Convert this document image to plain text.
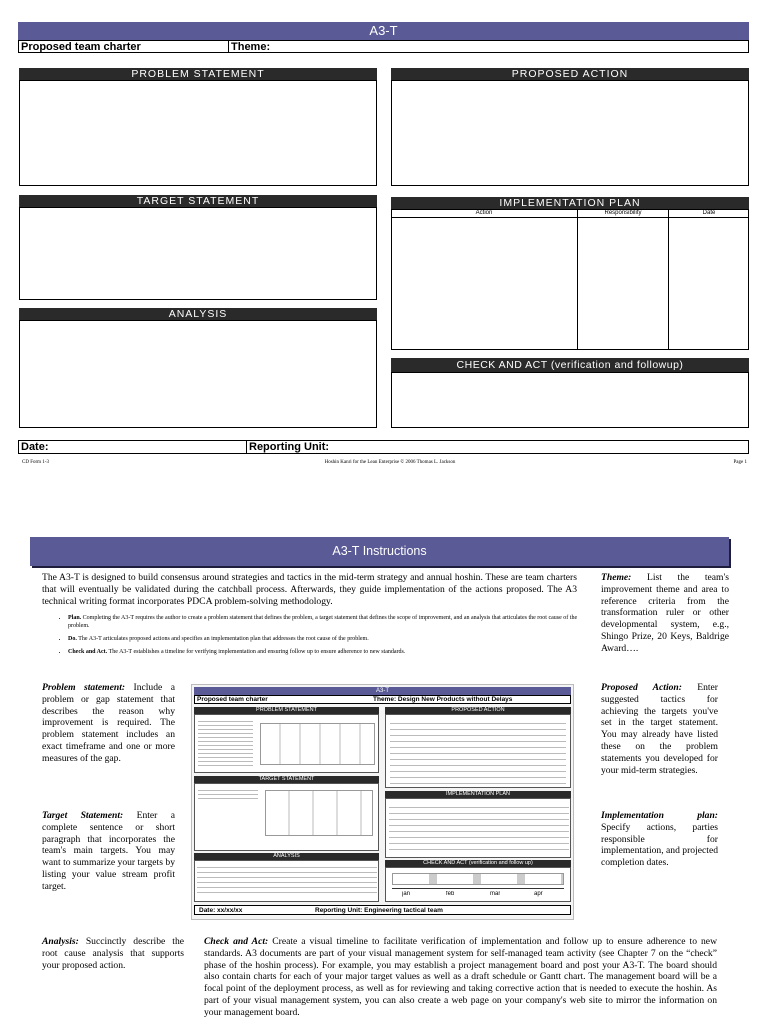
A3-T
Proposed team charter	Theme:
PROBLEM STATEMENT	PROPOSED ACTION
TARGET STATEMENT	IMPLEMENTATION PLAN
Action	Responsibility	Date
ANALYSIS
CHECK AND ACT (verification and followup)
Date:	Reporting Unit:
CD Form 1-3	Hoshin Kanri for the Lean Enterprise © 2006 Thomas L. Jackson	Page 1
A3-T Instructions
The A3-T is designed to build consensus around strategies and tactics in the mid-term strategy and annual hoshin. These are team charters that will eventually be validated during the catchball process. Afterwards, they guide implementation of the actions proposed. The A3 technical writing format incorporates PDCA problem-solving methodology.
• Plan. Completing the A3-T requires the author to create a problem statement that defines the problem, a target statement that defines the scope of improvement, and an analysis that articulates the root cause of the problem.
• Do. The A3-T articulates proposed actions and specifies an implementation plan that addresses the root cause of the problem.
• Check and Act. The A3-T establishes a timeline for verifying implementation and ensuring follow up to ensure adherence to new standards.
Theme: List the team's improvement theme and area to reference criteria from the transformation ruler or other developmental system, e.g., Shingo Prize, 20 Keys, Baldrige Award….
Problem statement: Include a problem or gap statement that describes the reason why improvement is required. The problem statement includes an exact timeframe and one or more measures of the gap.
Target Statement: Enter a complete sentence or short paragraph that incorporates the team's main targets. You may want to summarize your targets by listing your value stream profit target.
Analysis: Succinctly describe the root cause analysis that supports your proposed action.
Proposed Action: Enter suggested tactics for achieving the targets you've set in the target statement. You may already have listed these on the problem statements you developed for your mid-term strategies.
Implementation plan: Specify actions, parties responsible for implementation, and projected completion dates.
Check and Act: Create a visual timeline to facilitate verification of implementation and follow up to ensure adherence to new standards. A3 documents are part of your visual management system for self-managed team activity (see Chapter 7 on the “check” phase of the hoshin process). For example, you may establish a project management board and post your A3-T. The board should also contain charts for each of your major target values as well as a draft schedule or Gantt chart. The management board will be a focal point of the deployment process, as well as for reviewing and taking corrective action that is needed to execute the hoshin. As part of your visual management system, you can also create a web page on your company's web site to mirror the information on your management board.
A3-T
Proposed team charter	Theme: Design New Products without Delays
PROBLEM STATEMENT	PROPOSED ACTION
TARGET STATEMENT
IMPLEMENTATION PLAN
ANALYSIS
CHECK AND ACT (verification and follow up)
jan	feb	mar	apr
Date: xx/xx/xx	Reporting Unit: Engineering tactical team
